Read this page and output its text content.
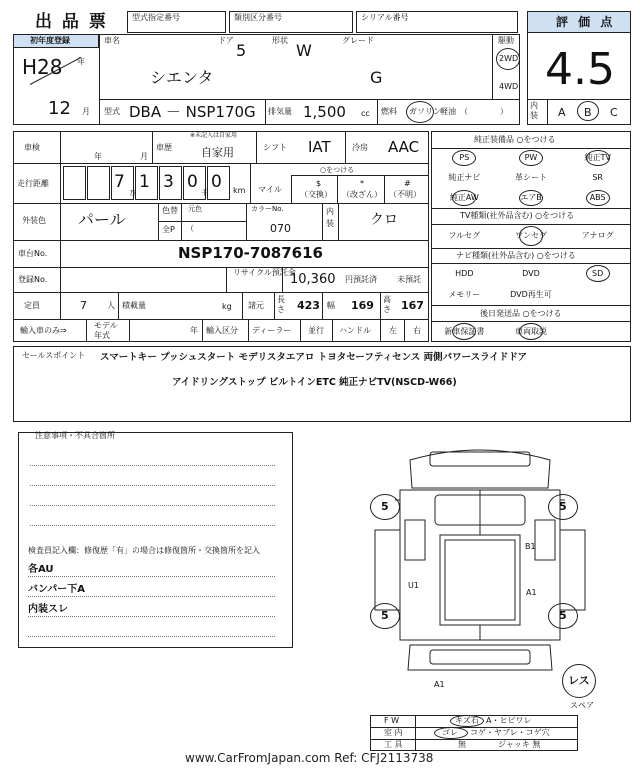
出 品 票	型式指定番号	類別区分番号	シリアル番号	評 価 点
4.5
内装	A B C
初年度登録
H28 年
12 月
車名	ドア
5
形状
W
グレード
シエンタ	G
駆動
2WD
4WD
型式 DBA － NSP170G 排気量 1,500 cc 燃料 ガソリン 軽油 （　　　　）
車検
年	月
車歴
※未記入は自家用
自家用	シフト IAT	冷房 AAC
走行距離	7 1 3 0 0
万	千	km マイル
○をつける
$
（交換）
*
（改ざん）
#
（不明）
外装色 パール	色替
全P
元色
（
カラーNo.
070
内装	クロ
車台No.	NSP170-7087616
登録No.
リサイクル預託金
10,360 円預託済	未預託
定員	7	人 積載量	kg 諸元
長さ 423 幅 169 高さ 167
輸入車のみ⇒
モデル年式
年 輸入区分 ディーラー 並行 ハンドル 左 右
純正装備品 ○をつける
PS	PW	純正TV
純正ナビ	革シート	SR
純正AW	エアB	ABS
TV種類(社外品含む) ○をつける
フルセグ	ワンセグ	アナログ
ナビ種類(社外品含む) ○をつける
HDD	DVD	SD
メモリー	DVD再生可
後日発送品 ○をつける
新車保証書	車両取説
セールスポイント スマートキー プッシュスタート モデリスタエアロ トヨタセーフティセンス 両側パワースライドドア
アイドリングストップ ビルトインETC 純正ナビTV(NSCD-W66)
注意事項・不具合箇所
検査員記入欄：修復歴「有」の場合は修復箇所・交換箇所を記入
各AU
バンパー下A
内装スレ
5	5
5	5
B1
U1
A1
A1	レス
スペア
F W	キズ石 A・ヒビワレ
室 内	ゴレ コゲ・ヤブレ・コゲ穴
工 具	無	ジャッキ 無
www.CarFromJapan.com Ref: CFJ2113738
